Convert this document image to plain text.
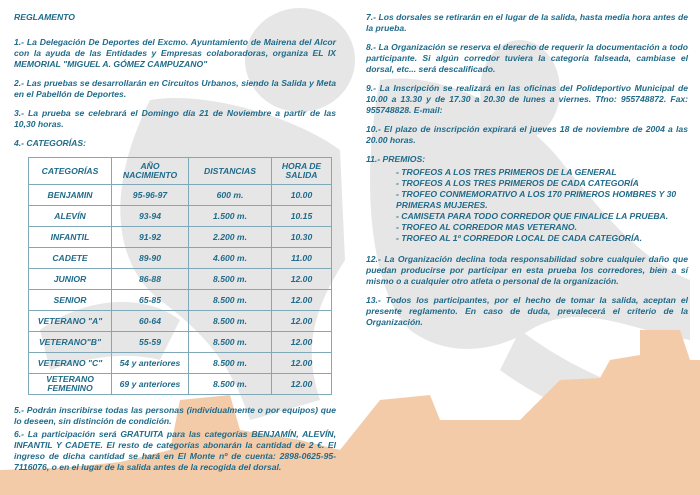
REGLAMENTO

1.- La Delegación De Deportes del Excmo. Ayuntamiento de Mairena del Alcor con la ayuda de las Entidades y Empresas colaboradoras, organiza EL IX MEMORIAL "MIGUEL A. GÓMEZ CAMPUZANO"

2.- Las pruebas se desarrollarán en Circuitos Urbanos, siendo la Salida y Meta en el Pabellón de Deportes.

3.- La prueba se celebrará el Domingo día 21 de Noviembre a partir de las 10,30 horas.

4.- CATEGORÍAS:

CATEGORÍAS	AÑO NACIMIENTO	DISTANCIAS	HORA DE SALIDA
BENJAMIN	95-96-97	600 m.	10.00
ALEVÍN	93-94	1.500 m.	10.15
INFANTIL	91-92	2.200 m.	10.30
CADETE	89-90	4.600 m.	11.00
JUNIOR	86-88	8.500 m.	12.00
SENIOR	65-85	8.500 m.	12.00
VETERANO "A"	60-64	8.500 m.	12.00
VETERANO"B"	55-59	8.500 m.	12.00
VETERANO "C"	54 y anteriores	8.500 m.	12.00
VETERANO FEMENINO	69 y anteriores	8.500 m.	12.00

5.- Podrán inscribirse todas las personas (individualmente o por equipos) que lo deseen, sin distinción de condición.

6.- La participación será GRATUITA para las categorías BENJAMÍN, ALEVÍN, INFANTIL Y CADETE. El resto de categorías abonarán la cantidad de 2 €. El ingreso de dicha cantidad se hará en El Monte nº de cuenta: 2898-0625-95-7116076, o en el lugar de la salida antes de la recogida del dorsal.

7.- Los dorsales se retirarán en el lugar de la salida, hasta media hora antes de la prueba.

8.- La Organización se reserva el derecho de requerir la documentación a todo participante. Si algún corredor tuviera la categoría falseada, cambiase el dorsal, etc... será descalificado.

9.- La Inscripción se realizará en las oficinas del Polideportivo Municipal de 10.00 a 13.30 y de 17.30 a 20.30 de lunes a viernes. Tfno: 955748872. Fax: 955748828. E-mail:

10.- El plazo de inscripción expirará el jueves 18 de noviembre de 2004 a las 20.00 horas.

11.- PREMIOS:

- TROFEOS A LOS TRES PRIMEROS DE LA GENERAL
- TROFEOS A LOS TRES PRIMEROS DE CADA CATEGORÍA
- TROFEO CONMEMORATIVO A LOS 170 PRIMEROS HOMBRES Y 30 PRIMERAS MUJERES.
- CAMISETA PARA TODO CORREDOR QUE FINALICE LA PRUEBA.
- TROFEO AL CORREDOR MAS VETERANO.
- TROFEO AL 1º CORREDOR LOCAL DE CADA CATEGORÍA.

12.- La Organización declina toda responsabilidad sobre cualquier daño que puedan producirse por participar en esta prueba los corredores, bien a sí mismo o a cualquier otro atleta o personal de la organización.

13.- Todos los participantes, por el hecho de tomar la salida, aceptan el presente reglamento. En caso de duda, prevalecerá el criterio de la Organización.
